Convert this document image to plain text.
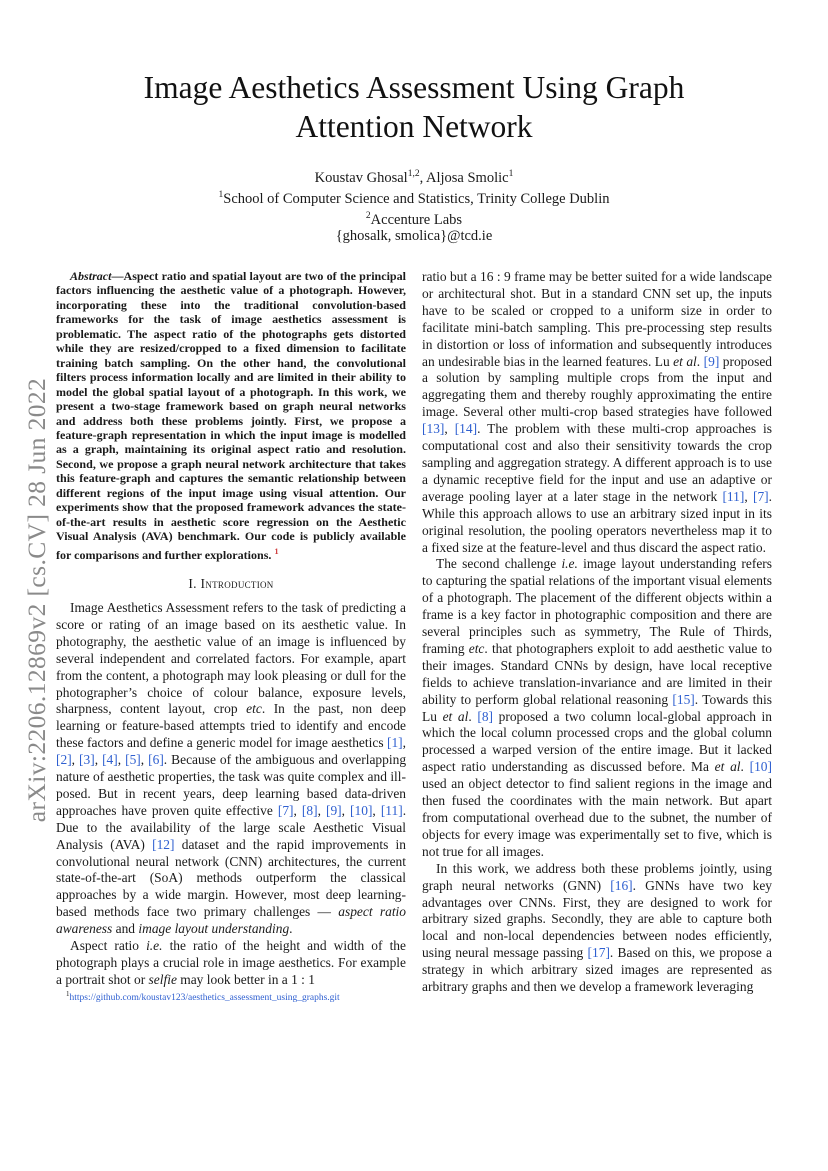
arXiv:2206.12869v2 [cs.CV] 28 Jun 2022
Image Aesthetics Assessment Using Graph
Attention Network
Koustav Ghosal$^{1,2}$, Aljosa Smolic$^1$
$^1$School of Computer Science and Statistics, Trinity College Dublin
$^2$Accenture Labs
{ghosalk, smolica}@tcd.ie

Abstract—Aspect ratio and spatial layout are two of the principal factors influencing the aesthetic value of a photograph. However, incorporating these into the traditional convolution-based frameworks for the task of image aesthetics assessment is problematic. The aspect ratio of the photographs gets distorted while they are resized/cropped to a fixed dimension to facilitate training batch sampling. On the other hand, the convolutional filters process information locally and are limited in their ability to model the global spatial layout of a photograph. In this work, we present a two-stage framework based on graph neural networks and address both these problems jointly. First, we propose a feature-graph representation in which the input image is modelled as a graph, maintaining its original aspect ratio and resolution. Second, we propose a graph neural network architecture that takes this feature-graph and captures the semantic relationship between different regions of the input image using visual attention. Our experiments show that the proposed framework advances the state-of-the-art results in aesthetic score regression on the Aesthetic Visual Analysis (AVA) benchmark. Our code is publicly available for comparisons and further explorations. $^1$

I. Introduction

Image Aesthetics Assessment refers to the task of predicting a score or rating of an image based on its aesthetic value. In photography, the aesthetic value of an image is influenced by several independent and correlated factors. For example, apart from the content, a photograph may look pleasing or dull for the photographer’s choice of colour balance, exposure levels, sharpness, content layout, crop etc. In the past, non deep learning or feature-based attempts tried to identify and encode these factors and define a generic model for image aesthetics [1], [2], [3], [4], [5], [6]. Because of the ambiguous and overlapping nature of aesthetic properties, the task was quite complex and ill-posed. But in recent years, deep learning based data-driven approaches have proven quite effective [7], [8], [9], [10], [11]. Due to the availability of the large scale Aesthetic Visual Analysis (AVA) [12] dataset and the rapid improvements in convolutional neural network (CNN) architectures, the current state-of-the-art (SoA) methods outperform the classical approaches by a wide margin. However, most deep learning-based methods face two primary challenges — aspect ratio awareness and image layout understanding.

Aspect ratio i.e. the ratio of the height and width of the photograph plays a crucial role in image aesthetics. For example a portrait shot or selfie may look better in a 1 : 1

ratio but a 16 : 9 frame may be better suited for a wide landscape or architectural shot. But in a standard CNN set up, the inputs have to be scaled or cropped to a uniform size in order to facilitate mini-batch sampling. This pre-processing step results in distortion or loss of information and subsequently introduces an undesirable bias in the learned features. Lu et al. [9] proposed a solution by sampling multiple crops from the input and aggregating them and thereby roughly approximating the entire image. Several other multi-crop based strategies have followed [13], [14]. The problem with these multi-crop approaches is computational cost and also their sensitivity towards the crop sampling and aggregation strategy. A different approach is to use a dynamic receptive field for the input and use an adaptive or average pooling layer at a later stage in the network [11], [7]. While this approach allows to use an arbitrary sized input in its original resolution, the pooling operators nevertheless map it to a fixed size at the feature-level and thus discard the aspect ratio.

The second challenge i.e. image layout understanding refers to capturing the spatial relations of the important visual elements of a photograph. The placement of the different objects within a frame is a key factor in photographic composition and there are several principles such as symmetry, The Rule of Thirds, framing etc. that photographers exploit to add aesthetic value to their images. Standard CNNs by design, have local receptive fields to achieve translation-invariance and are limited in their ability to perform global relational reasoning [15]. Towards this Lu et al. [8] proposed a two column local-global approach in which the local column processed crops and the global column processed a warped version of the entire image. But it lacked aspect ratio understanding as discussed before. Ma et al. [10] used an object detector to find salient regions in the image and then fused the coordinates with the main network. But apart from computational overhead due to the subnet, the number of objects for every image was experimentally set to five, which is not true for all images.

In this work, we address both these problems jointly, using graph neural networks (GNN) [16]. GNNs have two key advantages over CNNs. First, they are designed to work for arbitrary sized graphs. Secondly, they are able to capture both local and non-local dependencies between nodes efficiently, using neural message passing [17]. Based on this, we propose a strategy in which arbitrary sized images are represented as arbitrary graphs and then we develop a framework leveraging

$^1$https://github.com/koustav123/aesthetics_assessment_using_graphs.git
